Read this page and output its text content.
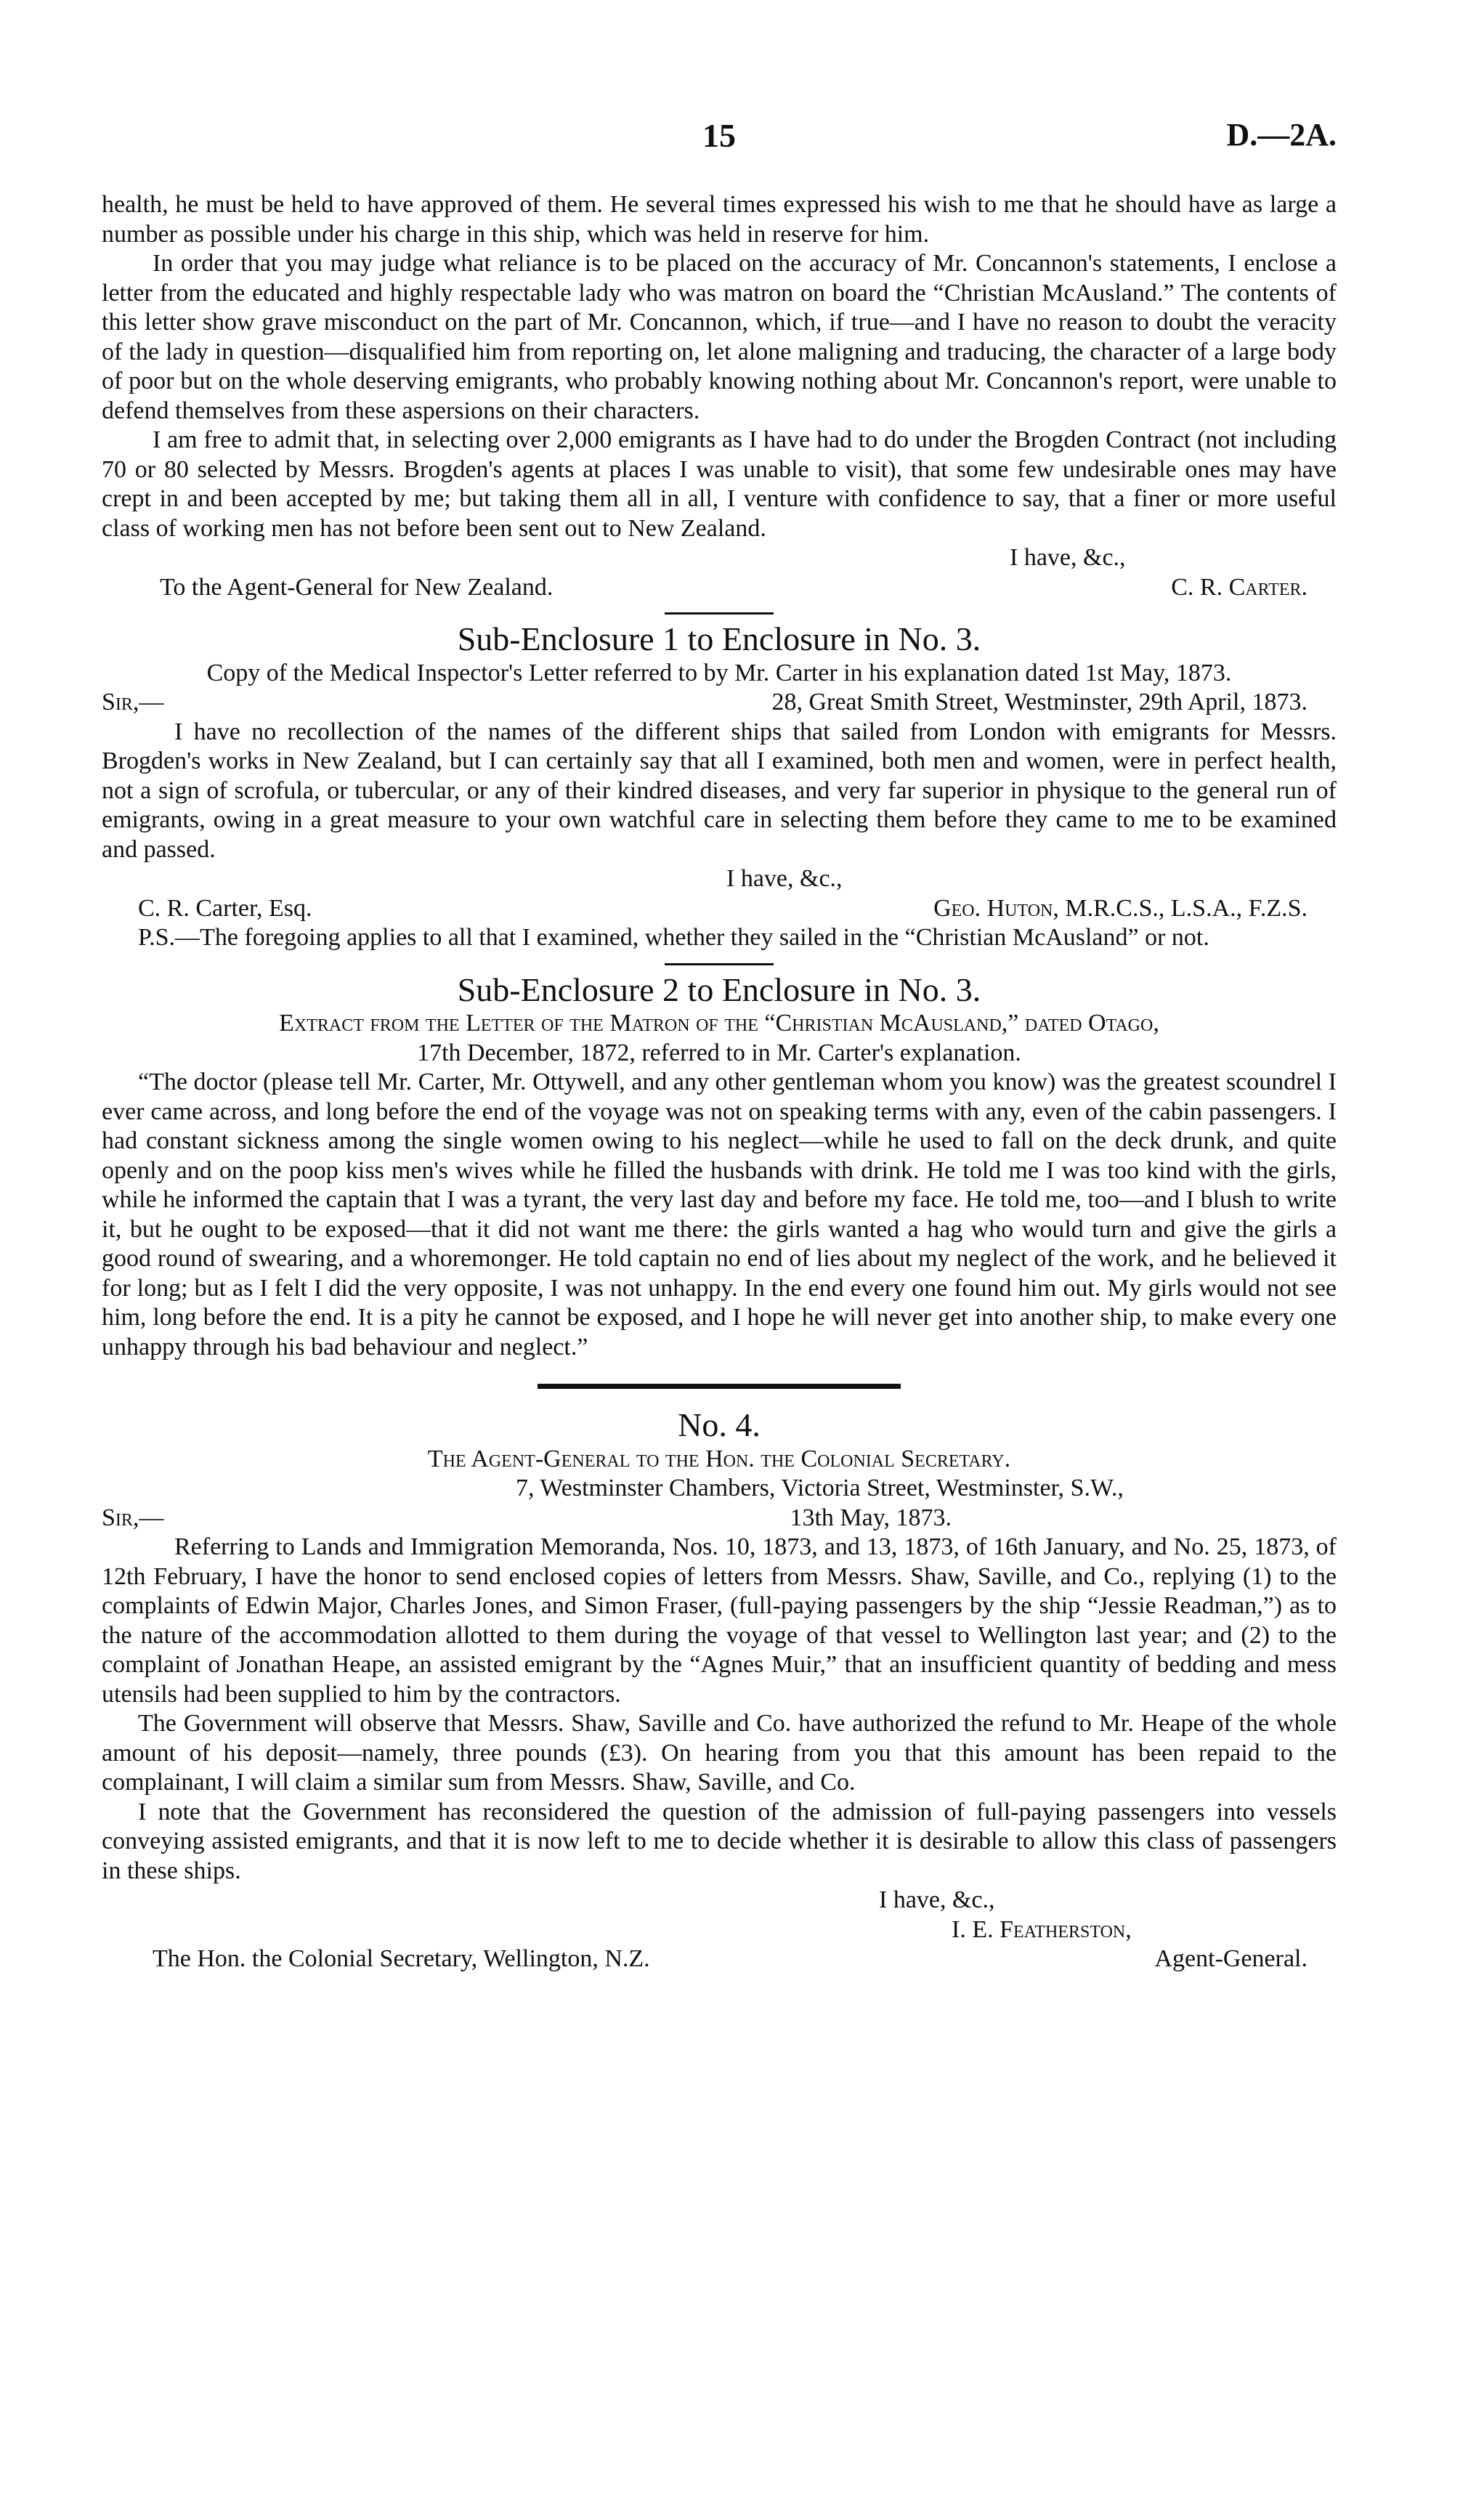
15	D.—2A.

health, he must be held to have approved of them. He several times expressed his wish to me that he should have as large a number as possible under his charge in this ship, which was held in reserve for him.

In order that you may judge what reliance is to be placed on the accuracy of Mr. Concannon's statements, I enclose a letter from the educated and highly respectable lady who was matron on board the “Christian McAusland.” The contents of this letter show grave misconduct on the part of Mr. Concannon, which, if true—and I have no reason to doubt the veracity of the lady in question—disqualified him from reporting on, let alone maligning and traducing, the character of a large body of poor but on the whole deserving emigrants, who probably knowing nothing about Mr. Concannon's report, were unable to defend themselves from these aspersions on their characters.

I am free to admit that, in selecting over 2,000 emigrants as I have had to do under the Brogden Contract (not including 70 or 80 selected by Messrs. Brogden's agents at places I was unable to visit), that some few undesirable ones may have crept in and been accepted by me; but taking them all in all, I venture with confidence to say, that a finer or more useful class of working men has not before been sent out to New Zealand.

I have, &c.,

To the Agent-General for New Zealand.	C. R. Carter.
Sub-Enclosure 1 to Enclosure in No. 3.

Copy of the Medical Inspector's Letter referred to by Mr. Carter in his explanation dated 1st May, 1873.

Sir,—	28, Great Smith Street, Westminster, 29th April, 1873.

I have no recollection of the names of the different ships that sailed from London with emigrants for Messrs. Brogden's works in New Zealand, but I can certainly say that all I examined, both men and women, were in perfect health, not a sign of scrofula, or tubercular, or any of their kindred diseases, and very far superior in physique to the general run of emigrants, owing in a great measure to your own watchful care in selecting them before they came to me to be examined and passed.

I have, &c.,

C. R. Carter, Esq.	Geo. Huton, M.R.C.S., L.S.A., F.Z.S.

P.S.—The foregoing applies to all that I examined, whether they sailed in the “Christian McAusland” or not.

Sub-Enclosure 2 to Enclosure in No. 3.

Extract from the Letter of the Matron of the “Christian McAusland,” dated Otago,

17th December, 1872, referred to in Mr. Carter's explanation.

“The doctor (please tell Mr. Carter, Mr. Ottywell, and any other gentleman whom you know) was the greatest scoundrel I ever came across, and long before the end of the voyage was not on speaking terms with any, even of the cabin passengers. I had constant sickness among the single women owing to his neglect—while he used to fall on the deck drunk, and quite openly and on the poop kiss men's wives while he filled the husbands with drink. He told me I was too kind with the girls, while he informed the captain that I was a tyrant, the very last day and before my face. He told me, too—and I blush to write it, but he ought to be exposed—that it did not want me there: the girls wanted a hag who would turn and give the girls a good round of swearing, and a whoremonger. He told captain no end of lies about my neglect of the work, and he believed it for long; but as I felt I did the very opposite, I was not unhappy. In the end every one found him out. My girls would not see him, long before the end. It is a pity he cannot be exposed, and I hope he will never get into another ship, to make every one unhappy through his bad behaviour and neglect.”

No. 4.

The Agent-General to the Hon. the Colonial Secretary.

7, Westminster Chambers, Victoria Street, Westminster, S.W.,

Sir,—	13th May, 1873.

Referring to Lands and Immigration Memoranda, Nos. 10, 1873, and 13, 1873, of 16th January, and No. 25, 1873, of 12th February, I have the honor to send enclosed copies of letters from Messrs. Shaw, Saville, and Co., replying (1) to the complaints of Edwin Major, Charles Jones, and Simon Fraser, (full-paying passengers by the ship “Jessie Readman,”) as to the nature of the accommodation allotted to them during the voyage of that vessel to Wellington last year; and (2) to the complaint of Jonathan Heape, an assisted emigrant by the “Agnes Muir,” that an insufficient quantity of bedding and mess utensils had been supplied to him by the contractors.

The Government will observe that Messrs. Shaw, Saville and Co. have authorized the refund to Mr. Heape of the whole amount of his deposit—namely, three pounds (£3). On hearing from you that this amount has been repaid to the complainant, I will claim a similar sum from Messrs. Shaw, Saville, and Co.

I note that the Government has reconsidered the question of the admission of full-paying passengers into vessels conveying assisted emigrants, and that it is now left to me to decide whether it is desirable to allow this class of passengers in these ships.

I have, &c.,

I. E. Featherston,

The Hon. the Colonial Secretary, Wellington, N.Z.	Agent-General.
